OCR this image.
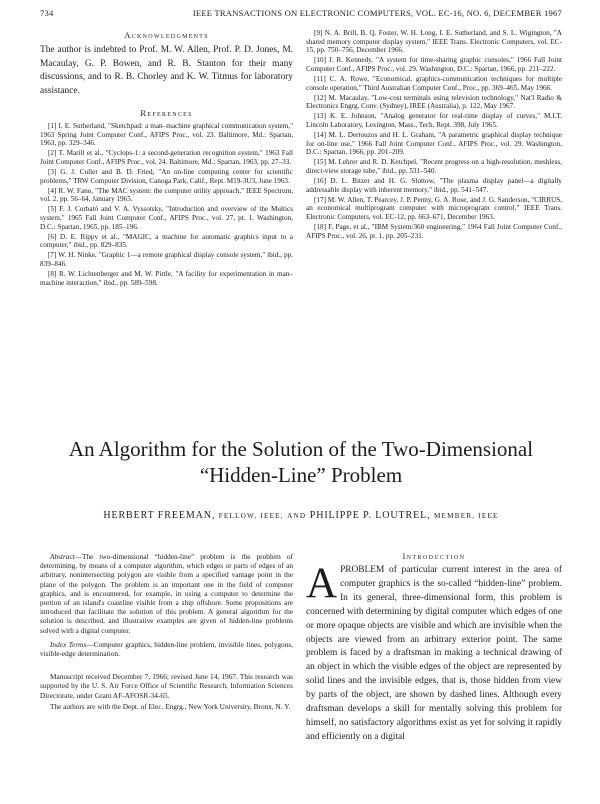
734	IEEE TRANSACTIONS ON ELECTRONIC COMPUTERS, VOL. EC-16, NO. 6, DECEMBER 1967
Acknowledgments
The author is indebted to Prof. M. W. Allen, Prof. P. D. Jones, M. Macaulay, G. P. Bowen, and R. B. Stanton for their many discussions, and to R. B. Chorley and K. W. Titmus for laboratory assistance.
References
[1] I. E. Sutherland, "Sketchpad: a man–machine graphical communication system," 1963 Spring Joint Computer Conf., AFIPS Proc., vol. 23. Baltimore, Md.: Spartan, 1963, pp. 329–346.
[2] T. Marill et al., "Cyclops-1: a second-generation recognition system," 1963 Fall Joint Computer Conf., AFIPS Proc., vol. 24. Baltimore, Md.: Spartan, 1963, pp. 27–33.
[3] G. J. Culler and B. D. Fried, "An on-line computing center for scientific problems," TRW Computer Division, Canoga Park, Calif., Rept. M19-3U3, June 1963.
[4] R. W. Fano, "The MAC system: the computer utility approach," IEEE Spectrum, vol. 2, pp. 56–64, January 1965.
[5] F. J. Corbató and V. A. Vyssotsky, "Introduction and overview of the Multics system," 1965 Fall Joint Computer Conf., AFIPS Proc., vol. 27, pt. 1. Washington, D.C.: Spartan, 1965, pp. 185–196.
[6] D. E. Rippy et al., "MAGIC, a machine for automatic graphics input to a computer," ibid., pp. 829–835.
[7] W. H. Ninke, "Graphic 1—a remote graphical display console system," ibid., pp. 839–846.
[8] R. W. Lichtenberger and M. W. Pirtle, "A facility for experimentation in man–machine interaction," ibid., pp. 589–598.
[9] N. A. Brill, B. Q. Foster, W. H. Long, I. E. Sutherland, and S. L. Wigington, "A shared memory computer display system," IEEE Trans. Electronic Computers, vol. EC-15, pp. 750–756, December 1966.
[10] J. R. Kennedy, "A system for time-sharing graphic consoles," 1966 Fall Joint Computer Conf., AFIPS Proc., vol. 29. Washington, D.C.: Spartan, 1966, pp. 211–222.
[11] C. A. Rowe, "Economical, graphics-communication techniques for multiple console operation," Third Australian Computer Conf., Proc., pp. 369–465, May 1966.
[12] M. Macaulay, "Low-cost terminals using television technology," Nat'l Radio & Electronics Engrg. Conv. (Sydney), IREE (Australia), p. 122, May 1967.
[13] K. E. Johnson, "Analog generator for real-time display of curves," M.I.T. Lincoln Laboratory, Lexington, Mass., Tech. Rept. 398, July 1965.
[14] M. L. Dertouzos and H. L. Graham, "A parametric graphical display technique for on-line use," 1966 Fall Joint Computer Conf., AFIPS Proc., vol. 29. Washington, D.C.: Spartan, 1966, pp. 201–209.
[15] M. Lehrer and R. D. Ketchpel, "Recent progress on a high-resolution, meshless, direct-view storage tube," ibid., pp. 531–540.
[16] D. L. Bitzer and H. G. Slottow, "The plasma display panel—a digitally addressable display with inherent memory," ibid., pp. 541–547.
[17] M. W. Allen, T. Pearcey, J. P. Penny, G. A. Rose, and J. G. Sanderson, "CIRRUS, an economical multiprogram computer with microprogram control," IEEE Trans. Electronic Computers, vol. EC-12, pp. 663–671, December 1963.
[18] F. Page, et al., "IBM System/360 engineering," 1964 Fall Joint Computer Conf., AFIPS Proc., vol. 26, pt. 1, pp. 205–231.
An Algorithm for the Solution of the Two-Dimensional “Hidden-Line” Problem
HERBERT FREEMAN, FELLOW, IEEE, AND PHILIPPE P. LOUTREL, MEMBER, IEEE
Abstract—The two-dimensional “hidden-line” problem is the problem of determining, by means of a computer algorithm, which edges or parts of edges of an arbitrary, nonintersecting polygon are visible from a specified vantage point in the plane of the polygon. The problem is an important one in the field of computer graphics, and is encountered, for example, in using a computer to determine the portion of an island's coastline visible from a ship offshore. Some propositions are introduced that facilitate the solution of this problem. A general algorithm for the solution is described, and illustrative examples are given of hidden-line problems solved with a digital computer.
Index Terms—Computer graphics, hidden-line problem, invisible lines, polygons, visible-edge determination.
Manuscript received December 7, 1966; revised June 14, 1967. This research was supported by the U. S. Air Force Office of Scientific Research, Information Sciences Directorate, under Grant AF-AFOSR-34-65.
The authors are with the Dept. of Elec. Engrg., New York University, Bronx, N. Y.
Introduction
APROBLEM of particular current interest in the area of computer graphics is the so-called “hidden-line” problem. In its general, three-dimensional form, this problem is concerned with determining by digital computer which edges of one or more opaque objects are visible and which are invisible when the objects are viewed from an arbitrary exterior point. The same problem is faced by a draftsman in making a technical drawing of an object in which the visible edges of the object are represented by solid lines and the invisible edges, that is, those hidden from view by parts of the object, are shown by dashed lines. Although every draftsman develops a skill for mentally solving this problem for himself, no satisfactory algorithms exist as yet for solving it rapidly and efficiently on a digital
